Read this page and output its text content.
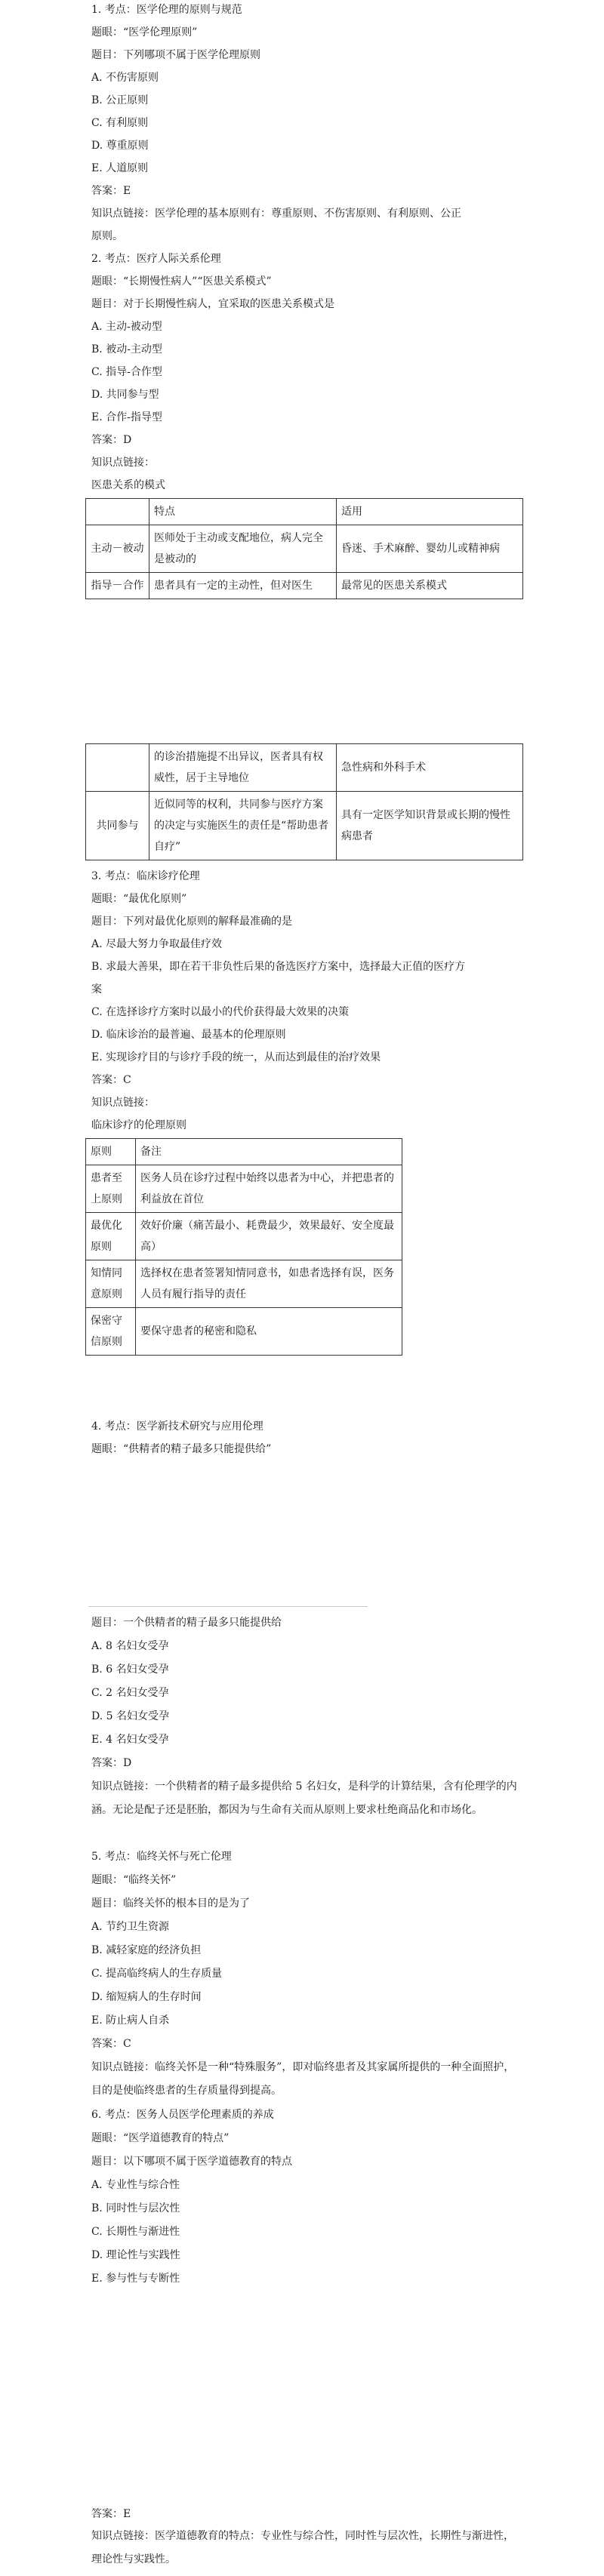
1. 考点：医学伦理的原则与规范
题眼：“医学伦理原则”
题目：下列哪项不属于医学伦理原则
A. 不伤害原则
B. 公正原则
C. 有利原则
D. 尊重原则
E. 人道原则
答案：E
知识点链接：医学伦理的基本原则有：尊重原则、不伤害原则、有利原则、公正
原则。
2. 考点：医疗人际关系伦理
题眼：“长期慢性病人”“医患关系模式”
题目：对于长期慢性病人，宜采取的医患关系模式是
A. 主动-被动型
B. 被动-主动型
C. 指导-合作型
D. 共同参与型
E. 合作-指导型
答案：D
知识点链接：
医患关系的模式
	特点	适用
主动－被动	医师处于主动或支配地位，病人完全是被动的	昏迷、手术麻醉、婴幼儿或精神病
指导－合作	患者具有一定的主动性，但对医生	最常见的医患关系模式
	的诊治措施提不出异议，医者具有权威性，居于主导地位	急性病和外科手术
共同参与	近似同等的权利，共同参与医疗方案的决定与实施医生的责任是“帮助患者自疗”	具有一定医学知识背景或长期的慢性病患者
3. 考点：临床诊疗伦理
题眼：“最优化原则”
题目：下列对最优化原则的解释最准确的是
A. 尽最大努力争取最佳疗效
B. 求最大善果，即在若干非负性后果的备选医疗方案中，选择最大正值的医疗方
案
C. 在选择诊疗方案时以最小的代价获得最大效果的决策
D. 临床诊治的最普遍、最基本的伦理原则
E. 实现诊疗目的与诊疗手段的统一，从而达到最佳的治疗效果
答案：C
知识点链接：
临床诊疗的伦理原则
原则	备注
患者至上原则	医务人员在诊疗过程中始终以患者为中心，并把患者的利益放在首位
最优化原则	效好价廉（痛苦最小、耗费最少，效果最好、安全度最高）
知情同意原则	选择权在患者签署知情同意书，如患者选择有误，医务人员有履行指导的责任
保密守信原则	要保守患者的秘密和隐私
4. 考点：医学新技术研究与应用伦理
题眼：“供精者的精子最多只能提供给”
题目：一个供精者的精子最多只能提供给
A. 8 名妇女受孕
B. 6 名妇女受孕
C. 2 名妇女受孕
D. 5 名妇女受孕
E. 4 名妇女受孕
答案：D
知识点链接：一个供精者的精子最多提供给 5 名妇女，是科学的计算结果，含有伦理学的内涵。无论是配子还是胚胎，都因为与生命有关而从原则上要求杜绝商品化和市场化。
5. 考点：临终关怀与死亡伦理
题眼：“临终关怀”
题目：临终关怀的根本目的是为了
A. 节约卫生资源
B. 减轻家庭的经济负担
C. 提高临终病人的生存质量
D. 缩短病人的生存时间
E. 防止病人自杀
答案：C
知识点链接：临终关怀是一种“特殊服务”，即对临终患者及其家属所提供的一种全面照护，目的是使临终患者的生存质量得到提高。
6. 考点：医务人员医学伦理素质的养成
题眼：“医学道德教育的特点”
题目：以下哪项不属于医学道德教育的特点
A. 专业性与综合性
B. 同时性与层次性
C. 长期性与渐进性
D. 理论性与实践性
E. 参与性与专断性
答案：E
知识点链接：医学道德教育的特点：专业性与综合性，同时性与层次性，长期性与渐进性，理论性与实践性。
